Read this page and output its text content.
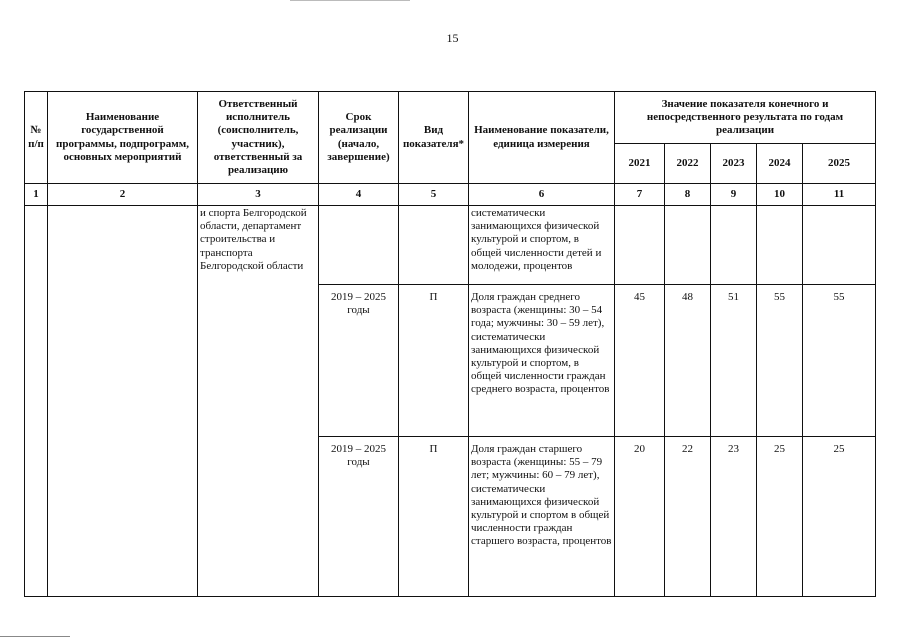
15
№ п/п	Наименование государственной программы, подпрограмм, основных мероприятий	Ответственный исполнитель (соисполнитель, участник), ответственный за реализацию	Срок реализации (начало, завершение)	Вид показателя*	Наименование показатели, единица измерения	Значение показателя конечного и непосредственного результата по годам реализации				
						2021	2022	2023	2024	2025
1	2	3	4	5	6	7	8	9	10	11
		и спорта Белгородской области, департамент строительства и транспорта Белгородской области			систематически занимающихся физической культурой и спортом, в общей численности детей и молодежи, процентов					
			2019 – 2025 годы	П	Доля граждан среднего возраста (женщины: 30 – 54 года; мужчины: 30 – 59 лет), систематически занимающихся физической культурой и спортом, в общей численности граждан среднего возраста, процентов	45	48	51	55	55
			2019 – 2025 годы	П	Доля граждан старшего возраста (женщины: 55 – 79 лет; мужчины: 60 – 79 лет), систематически занимающихся физической культурой и спортом в общей численности граждан старшего возраста, процентов	20	22	23	25	25
